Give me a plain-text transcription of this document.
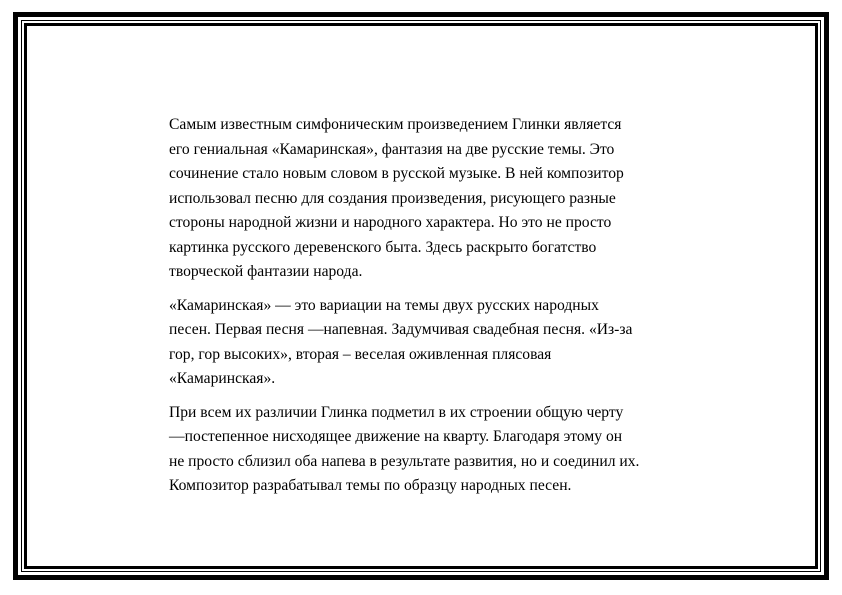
Самым известным симфоническим произведением Глинки является
его гениальная «Камаринская», фантазия на две русские темы. Это
сочинение стало новым словом в русской музыке. В ней композитор
использовал песню для создания произведения, рисующего разные
стороны народной жизни и народного характера. Но это не просто
картинка русского деревенского быта. Здесь раскрыто богатство
творческой фантазии народа.

«Камаринская» — это вариации на темы двух русских народных
песен. Первая песня —напевная. Задумчивая свадебная песня. «Из-за
гор, гор высоких», вторая – веселая оживленная плясовая
«Камаринская».

При всем их различии Глинка подметил в их строении общую черту
—постепенное нисходящее движение на кварту. Благодаря этому он
не просто сблизил оба напева в результате развития, но и соединил их.
Композитор разрабатывал темы по образцу народных песен.
